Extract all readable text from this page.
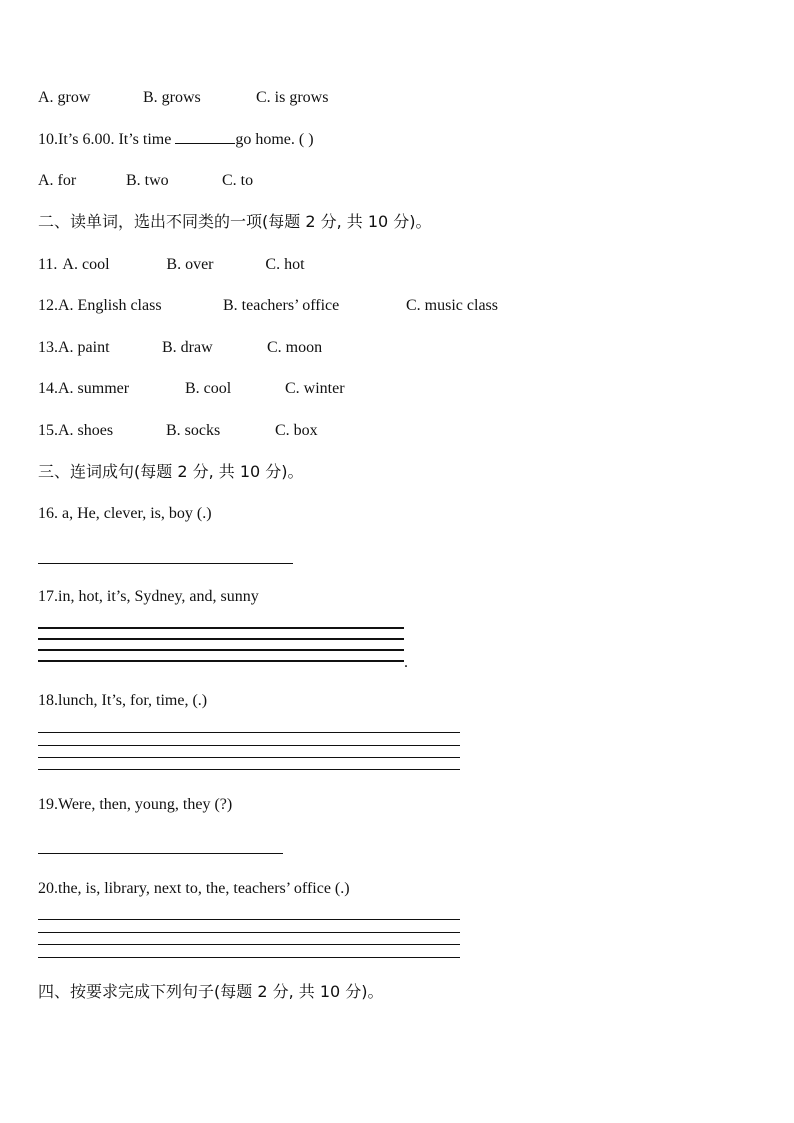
A. grow	B. grows	C. is grows
10.It’s 6.00. It’s time	go home. ( )
A. for	B. two	C. to
二、读单词，选出不同类的一项(每题 2 分, 共 10 分)。
11. A. cool	B. over	C. hot
12.A. English class	B. teachers’ office	C. music class
13.A. paint	B. draw	C. moon
14.A. summer	B. cool	C. winter
15.A. shoes	B. socks	C. box
三、连词成句(每题 2 分, 共 10 分)。
16. a, He, clever, is, boy (.)
17.in, hot, it’s, Sydney, and, sunny
.
18.lunch, It’s, for, time, (.)
19.Were, then, young, they (?)
20.the, is, library, next to, the, teachers’ office (.)
四、按要求完成下列句子(每题 2 分, 共 10 分)。
